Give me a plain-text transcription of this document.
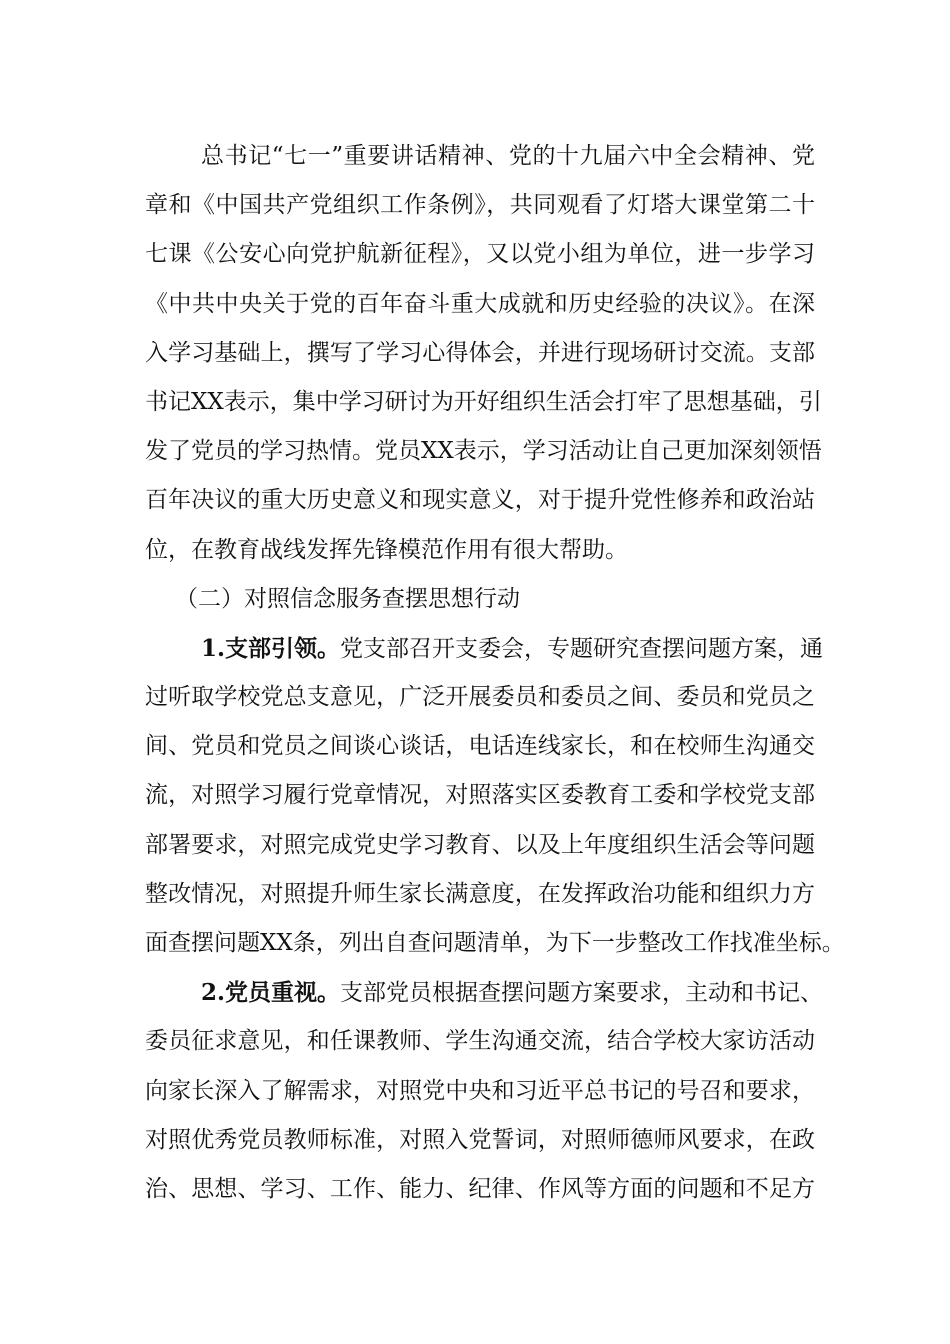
总书记“七一”重要讲话精神、党的十九届六中全会精神、党
章和《中国共产党组织工作条例》，共同观看了灯塔大课堂第二十
七课《公安心向党护航新征程》，又以党小组为单位，进一步学习
《中共中央关于党的百年奋斗重大成就和历史经验的决议》。在深
入学习基础上，撰写了学习心得体会，并进行现场研讨交流。支部
书记XX表示，集中学习研讨为开好组织生活会打牢了思想基础，引
发了党员的学习热情。党员XX表示，学习活动让自己更加深刻领悟
百年决议的重大历史意义和现实意义，对于提升党性修养和政治站
位，在教育战线发挥先锋模范作用有很大帮助。
（二）对照信念服务查摆思想行动
1.支部引领。党支部召开支委会，专题研究查摆问题方案，通
过听取学校党总支意见，广泛开展委员和委员之间、委员和党员之
间、党员和党员之间谈心谈话，电话连线家长，和在校师生沟通交
流，对照学习履行党章情况，对照落实区委教育工委和学校党支部
部署要求，对照完成党史学习教育、以及上年度组织生活会等问题
整改情况，对照提升师生家长满意度，在发挥政治功能和组织力方
面查摆问题XX条，列出自查问题清单，为下一步整改工作找准坐标。
2.党员重视。支部党员根据查摆问题方案要求，主动和书记、
委员征求意见，和任课教师、学生沟通交流，结合学校大家访活动
向家长深入了解需求，对照党中央和习近平总书记的号召和要求，
对照优秀党员教师标准，对照入党誓词，对照师德师风要求，在政
治、思想、学习、工作、能力、纪律、作风等方面的问题和不足方
